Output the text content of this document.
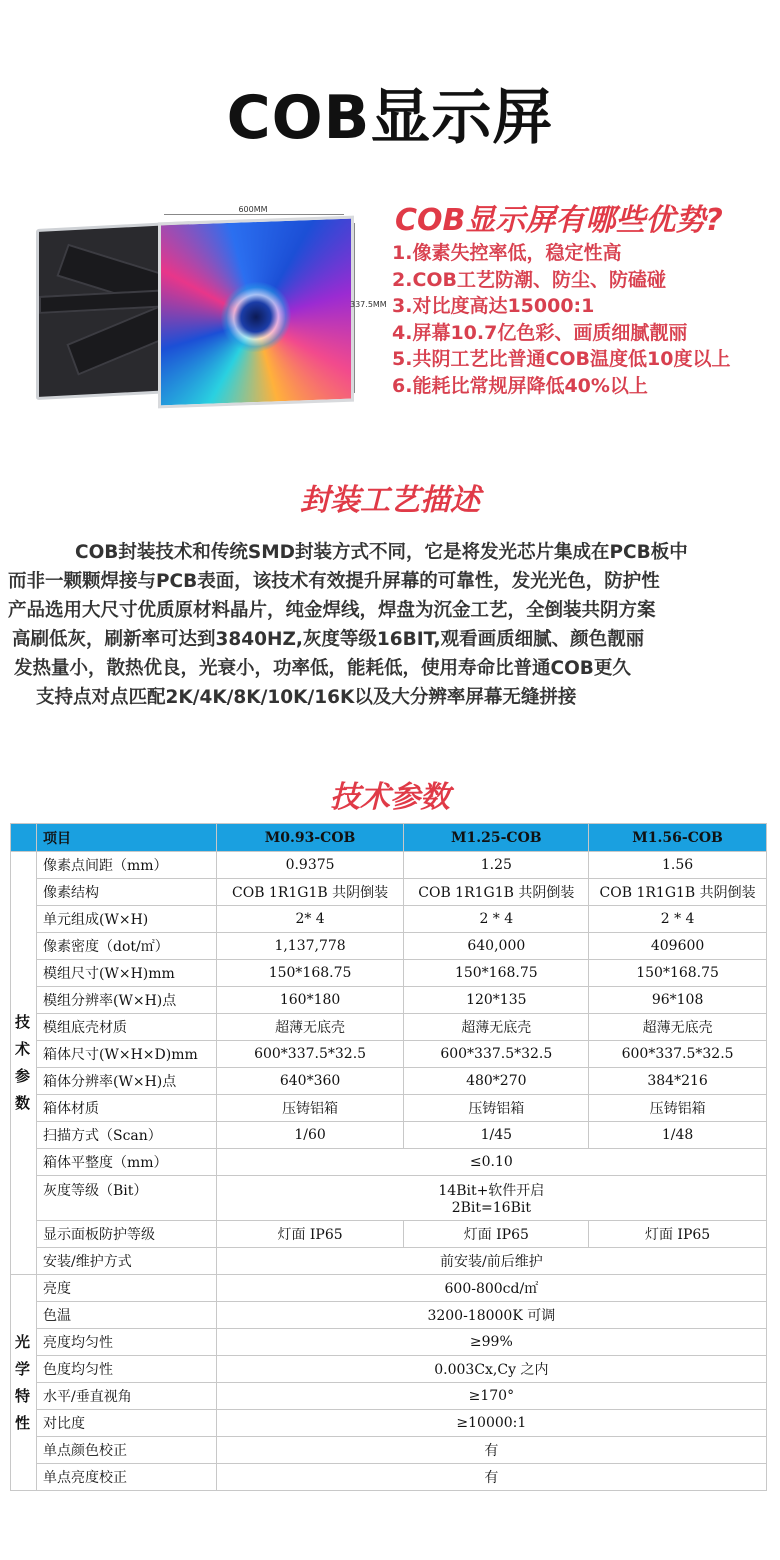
COB显示屏
600MM
337.5MM
COB显示屏有哪些优势?
1.像素失控率低，稳定性高
2.COB工艺防潮、防尘、防磕碰
3.对比度高达15000:1
4.屏幕10.7亿色彩、画质细腻靓丽
5.共阴工艺比普通COB温度低10度以上
6.能耗比常规屏降低40%以上
封装工艺描述
　　COB封装技术和传统SMD封装方式不同，它是将发光芯片集成在PCB板中
而非一颗颗焊接与PCB表面，该技术有效提升屏幕的可靠性，发光光色，防护性
产品选用大尺寸优质原材料晶片，纯金焊线，焊盘为沉金工艺，全倒装共阴方案
高刷低灰，刷新率可达到3840HZ,灰度等级16BIT,观看画质细腻、颜色靓丽
发热量小，散热优良，光衰小，功率低，能耗低，使用寿命比普通COB更久
支持点对点匹配2K/4K/8K/10K/16K以及大分辨率屏幕无缝拼接
技术参数
	项目	M0.93-COB	M1.25-COB	M1.56-COB

技术参数	像素点间距（mm）	0.9375	1.25	1.56
	像素结构	COB 1R1G1B 共阴倒装	COB 1R1G1B 共阴倒装	COB 1R1G1B 共阴倒装
	单元组成(W×H)	2* 4	2 * 4	2 * 4
	像素密度（dot/㎡）	1,137,778	640,000	409600
	模组尺寸(W×H)mm	150*168.75	150*168.75	150*168.75
	模组分辨率(W×H)点	160*180	120*135	96*108
	模组底壳材质	超薄无底壳	超薄无底壳	超薄无底壳
	箱体尺寸(W×H×D)mm	600*337.5*32.5	600*337.5*32.5	600*337.5*32.5
	箱体分辨率(W×H)点	640*360	480*270	384*216
	箱体材质	压铸铝箱	压铸铝箱	压铸铝箱
	扫描方式（Scan）	1/60	1/45	1/48
	箱体平整度（mm）	≤0.10		
	灰度等级（Bit）	14Bit+软件开启
2Bit=16Bit		

	显示面板防护等级	灯面 IP65	灯面 IP65	灯面 IP65
	安装/维护方式	前安装/前后维护		

光学特性	亮度	600-800cd/㎡		
	色温	3200-18000K 可调		
	亮度均匀性	≥99%		
	色度均匀性	0.003Cx,Cy 之内		
	水平/垂直视角	≥170°		
	对比度	≥10000:1		
	单点颜色校正	有		
	单点亮度校正	有		
